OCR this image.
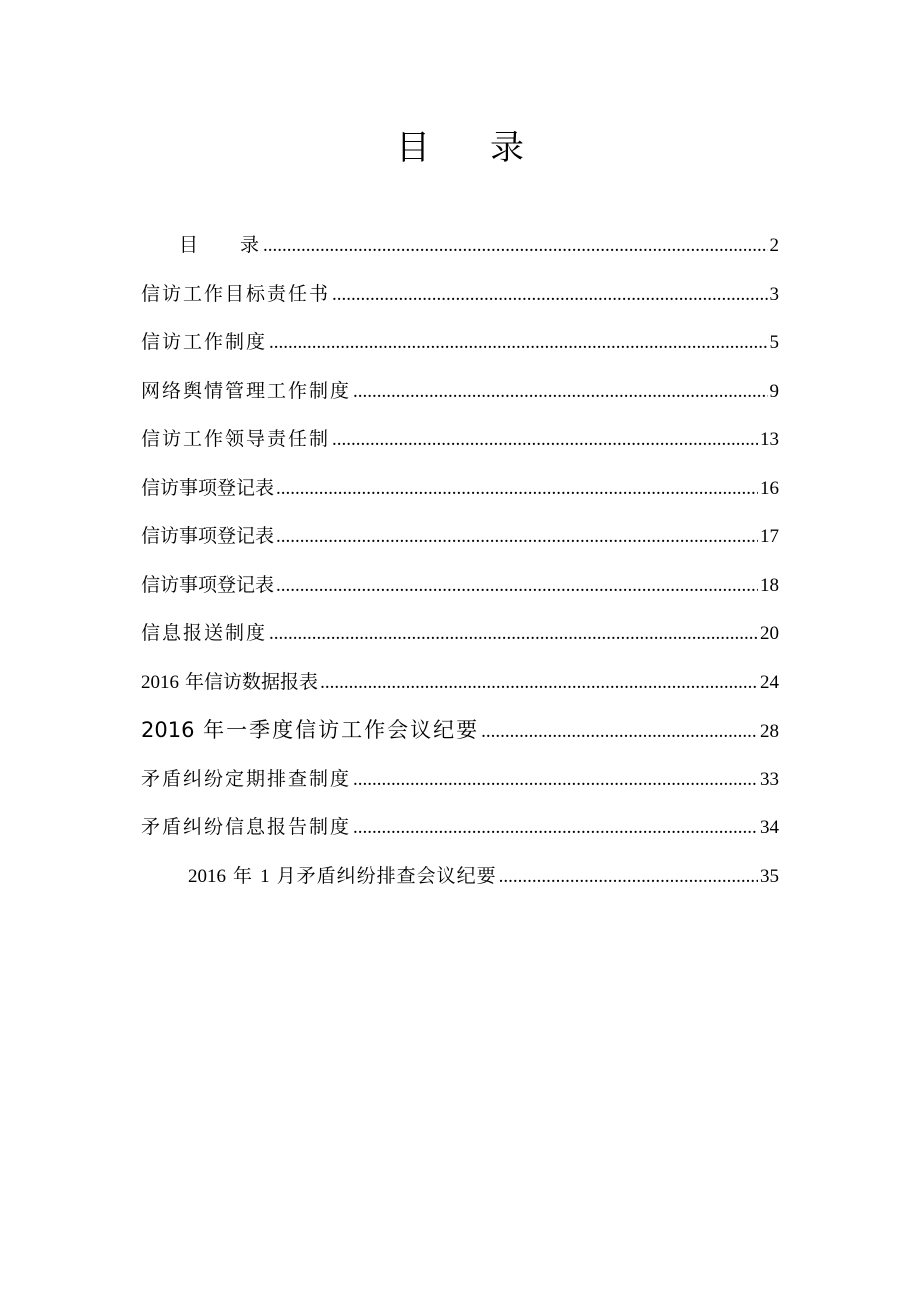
目 录
目 录 .....	2
信访工作目标责任书 .....	3
信访工作制度 .....	5
网络舆情管理工作制度 .....	9
信访工作领导责任制 .....	13
信访事项登记表 .....	16
信访事项登记表 .....	17
信访事项登记表 .....	18
信息报送制度 .....	20
2016 年信访数据报表 .....	24
2016 年一季度信访工作会议纪要 .....	28
矛盾纠纷定期排查制度 .....	33
矛盾纠纷信息报告制度 .....	34
2016 年 1 月矛盾纠纷排查会议纪要 .....	35
